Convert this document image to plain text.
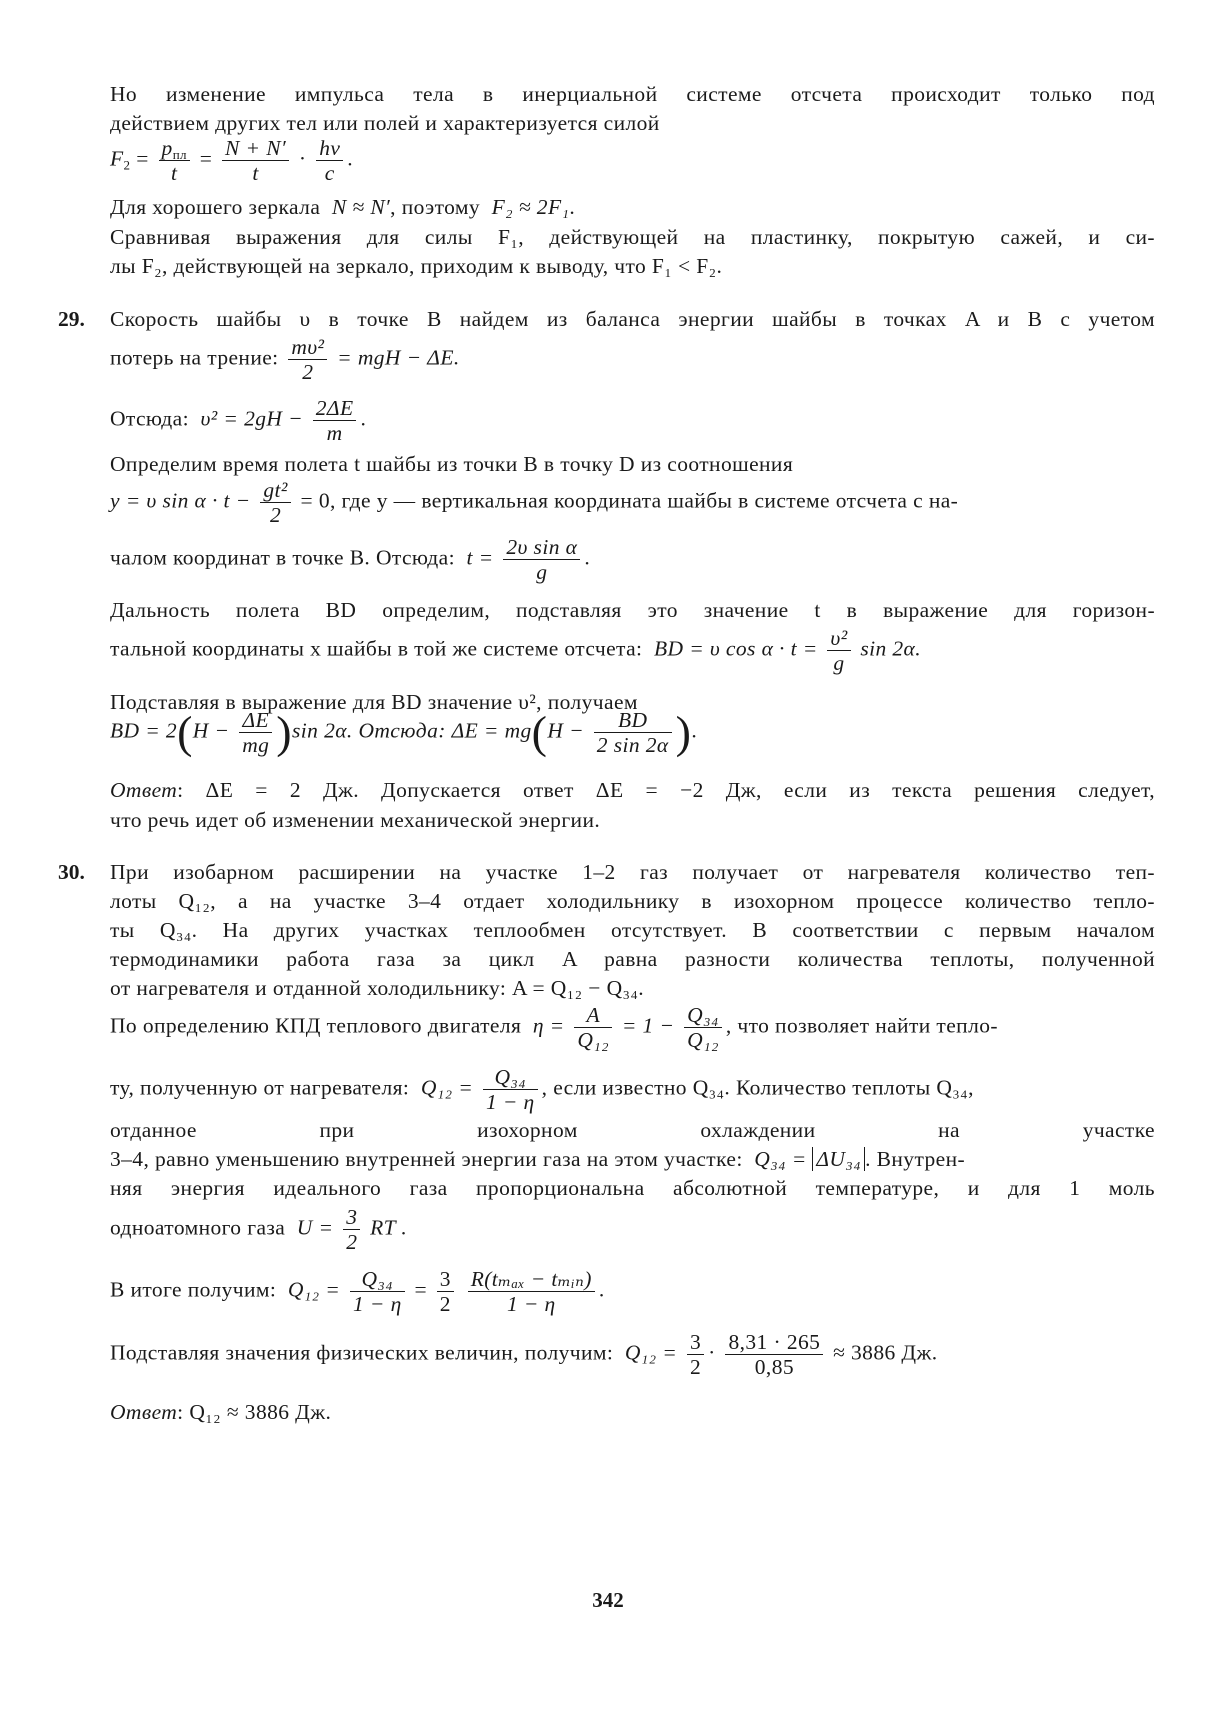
Но изменение импульса тела в инерциальной системе отсчета происходит только под
действием других тел или полей и характеризуется силой
$F_2 = \frac{p_{пл}}{t} = \frac{N + N'}{t} \cdot \frac{h\nu}{c}$ .
Для хорошего зеркала N ≈ N′, поэтому F₂ ≈ 2F₁.
Сравнивая выражения для силы F₁, действующей на пластинку, покрытую сажей, и си-
лы F₂, действующей на зеркало, приходим к выводу, что F₁ < F₂.
29. Скорость шайбы υ в точке B найдем из баланса энергии шайбы в точках A и B с учетом
потерь на трение: $\frac{\text{mυ²}}{2}$ = mgH − ΔE.
Отсюда: $\upsilon^2 = 2gH - \frac{2\Delta E}{m}$ .
Определим время полета t шайбы из точки B в точку D из соотношения
y = υ $\sin \alpha \cdot t - \frac{\text{gt²}}{2} = 0$, где y — вертикальная координата шайбы в системе отсчета с на-
чалом координат в точке B. Отсюда: $t = \frac{\text{2υ sin α}}{g}$ .
Дальность полета BD определим, подставляя это значение t в выражение для горизон-
тальной координаты x шайбы в той же системе отсчета: BD = υ $\cos \alpha \cdot t = \frac{\text{υ²}}{g}$ sin 2α.
Подставляя в выражение для BD значение υ², получаем
BD = $2(H - \frac{\Delta E}{mg} )\sin$ 2α. Отсюда: $\Delta E = mg(H - \frac{BD}{2 \sin 2\alpha}$ ).
Ответ: ΔE = 2 Дж. Допускается ответ ΔE = −2 Дж, если из текста решения следует,
что речь идет об изменении механической энергии.
30. При изобарном расширении на участке 1–2 газ получает от нагревателя количество теп-
лоты Q₁₂, а на участке 3–4 отдает холодильнику в изохорном процессе количество тепло-
ты Q₃₄. На других участках теплообмен отсутствует. В соответствии с первым началом
термодинамики работа газа за цикл A равна разности количества теплоты, полученной
от нагревателя и отданной холодильнику: A = Q₁₂ − Q₃₄.
По определению КПД теплового двигателя $\eta = \frac{A}{\text{Q₁₂}} = 1 - \frac{\text{Q₃₄}}{\text{Q₁₂}}$ , что позволяет найти тепло-
ту, полученную от нагревателя: $Q_{12} = \frac{\text{Q₃₄}}{1 - \eta}$ , если известно Q₃₄. Количество теплоты Q₃₄,
отданное	при	изохорном	охлаждении	на	участке
3–4, равно уменьшению внутренней энергии газа на этом участке: Q₃₄ = ΔU₃₄ . Внутрен-
няя энергия идеального газа пропорциональна абсолютной температуре, и для 1 моль
одноатомного газа $U = \frac{3}{2}$ RT .
В итоге получим: $Q_{12} = \frac{\text{Q₃₄}}{1 - \eta} = \frac{3}{2}$
$\frac{\text{R(tₘₐₓ − tₘᵢₙ)}}{1 - \eta}$ .
Подставляя значения физических величин, получим: $Q_{12} = \frac{3}{2} \cdot \frac{8,31 \cdot 265}{0,85} \approx 3886$ Дж.
Ответ: Q₁₂ ≈ 3886 Дж.
342
